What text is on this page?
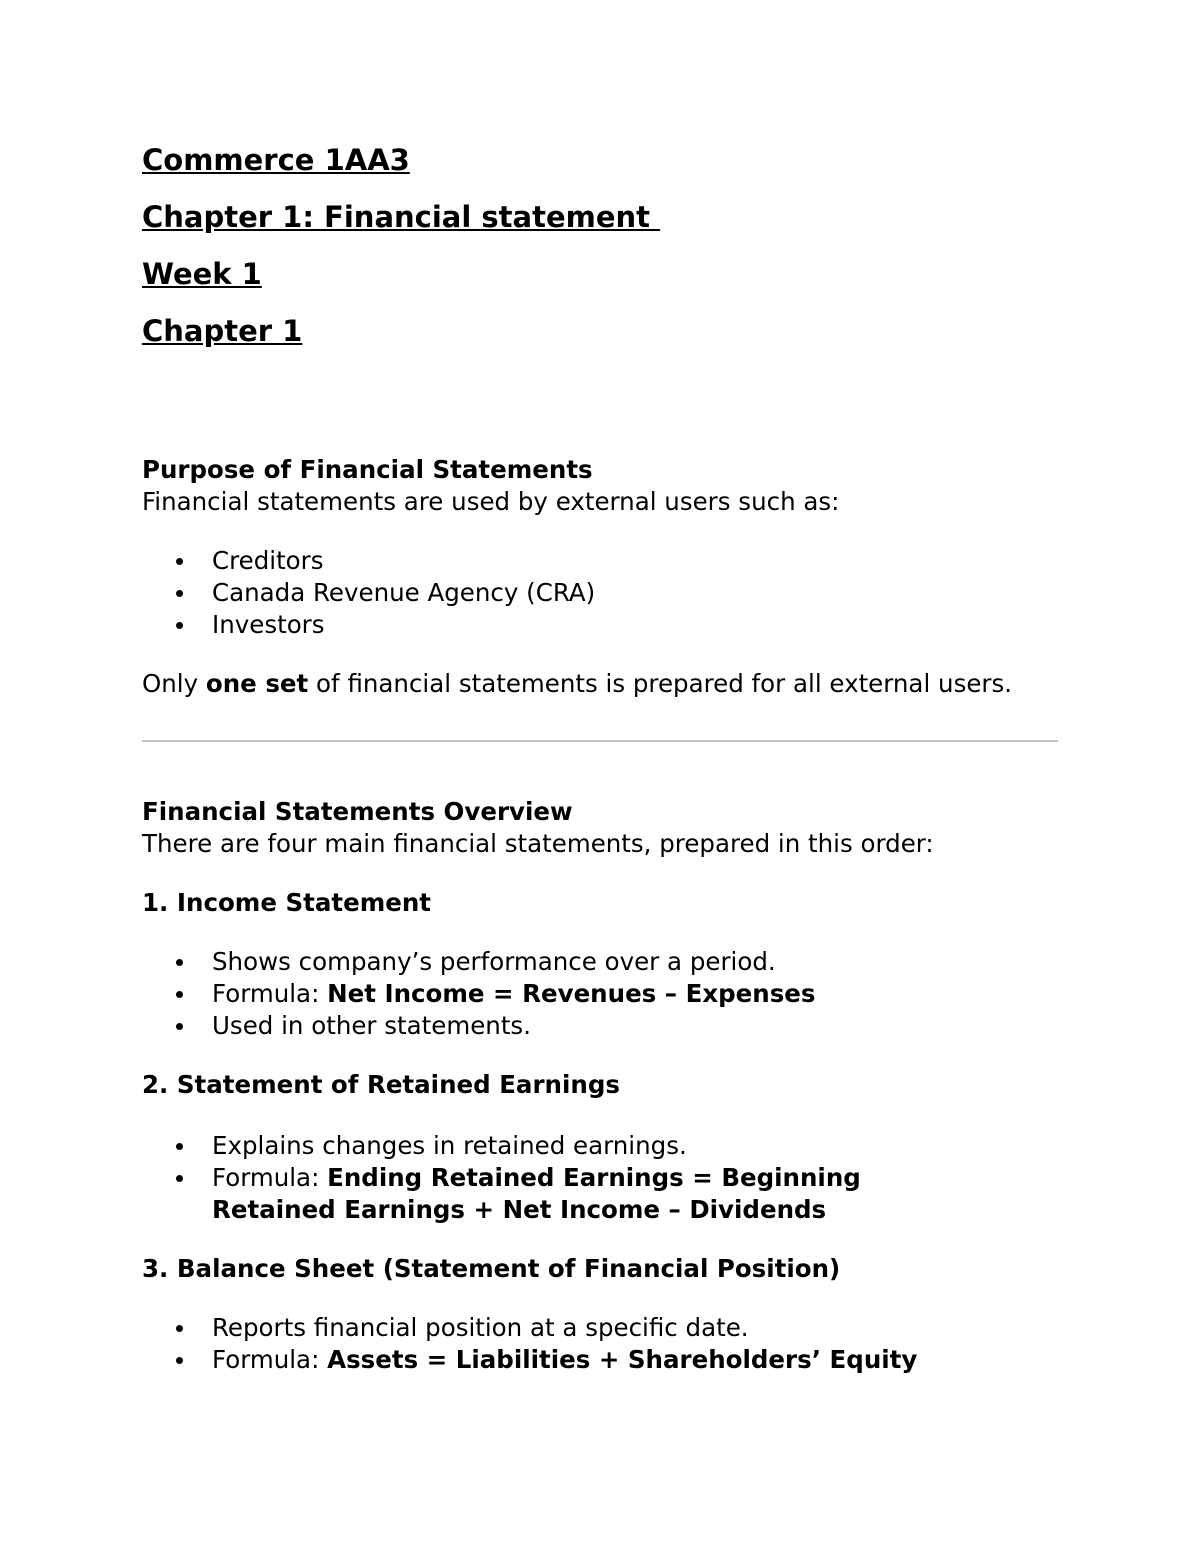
Commerce 1AA3
Chapter 1: Financial statement
Week 1
Chapter 1
Purpose of Financial Statements
Financial statements are used by external users such as:
Creditors
Canada Revenue Agency (CRA)
Investors
Only one set of financial statements is prepared for all external users.
Financial Statements Overview
There are four main financial statements, prepared in this order:
1. Income Statement
Shows company’s performance over a period.
Formula: Net Income = Revenues – Expenses
Used in other statements.
2. Statement of Retained Earnings
Explains changes in retained earnings.
Formula: Ending Retained Earnings = Beginning
Retained Earnings + Net Income – Dividends
3. Balance Sheet (Statement of Financial Position)
Reports financial position at a specific date.
Formula: Assets = Liabilities + Shareholders’ Equity
